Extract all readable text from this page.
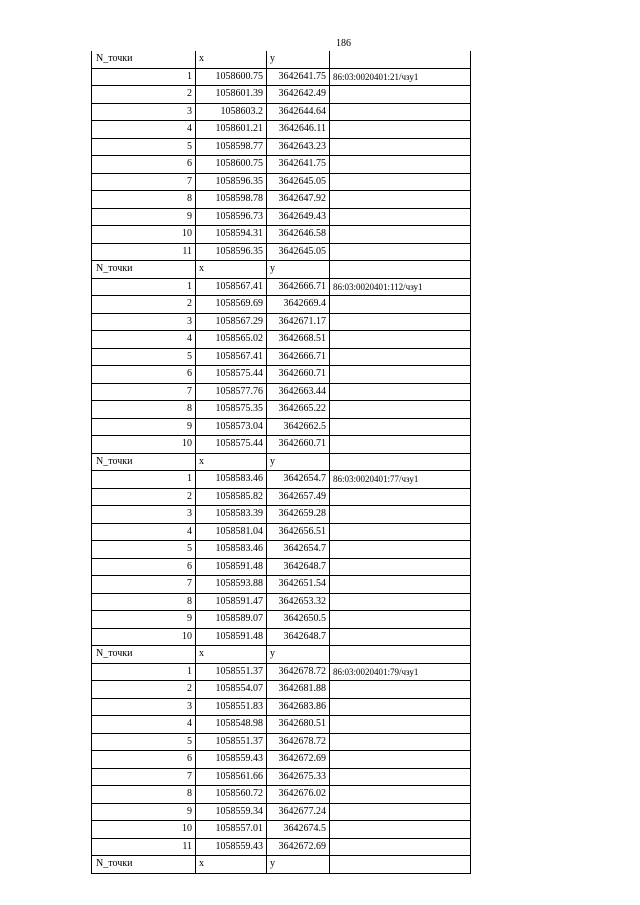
186
N_точки	x	y	
1	1058600.75	3642641.75	86:03:0020401:21/чзу1
2	1058601.39	3642642.49	
3	1058603.2	3642644.64	
4	1058601.21	3642646.11	
5	1058598.77	3642643.23	
6	1058600.75	3642641.75	
7	1058596.35	3642645.05	
8	1058598.78	3642647.92	
9	1058596.73	3642649.43	
10	1058594.31	3642646.58	
11	1058596.35	3642645.05	
N_точки	x	y	
1	1058567.41	3642666.71	86:03:0020401:112/чзу1
2	1058569.69	3642669.4	
3	1058567.29	3642671.17	
4	1058565.02	3642668.51	
5	1058567.41	3642666.71	
6	1058575.44	3642660.71	
7	1058577.76	3642663.44	
8	1058575.35	3642665.22	
9	1058573.04	3642662.5	
10	1058575.44	3642660.71	
N_точки	x	y	
1	1058583.46	3642654.7	86:03:0020401:77/чзу1
2	1058585.82	3642657.49	
3	1058583.39	3642659.28	
4	1058581.04	3642656.51	
5	1058583.46	3642654.7	
6	1058591.48	3642648.7	
7	1058593.88	3642651.54	
8	1058591.47	3642653.32	
9	1058589.07	3642650.5	
10	1058591.48	3642648.7	
N_точки	x	y	
1	1058551.37	3642678.72	86:03:0020401:79/чзу1
2	1058554.07	3642681.88	
3	1058551.83	3642683.86	
4	1058548.98	3642680.51	
5	1058551.37	3642678.72	
6	1058559.43	3642672.69	
7	1058561.66	3642675.33	
8	1058560.72	3642676.02	
9	1058559.34	3642677.24	
10	1058557.01	3642674.5	
11	1058559.43	3642672.69	
N_точки	x	y	
